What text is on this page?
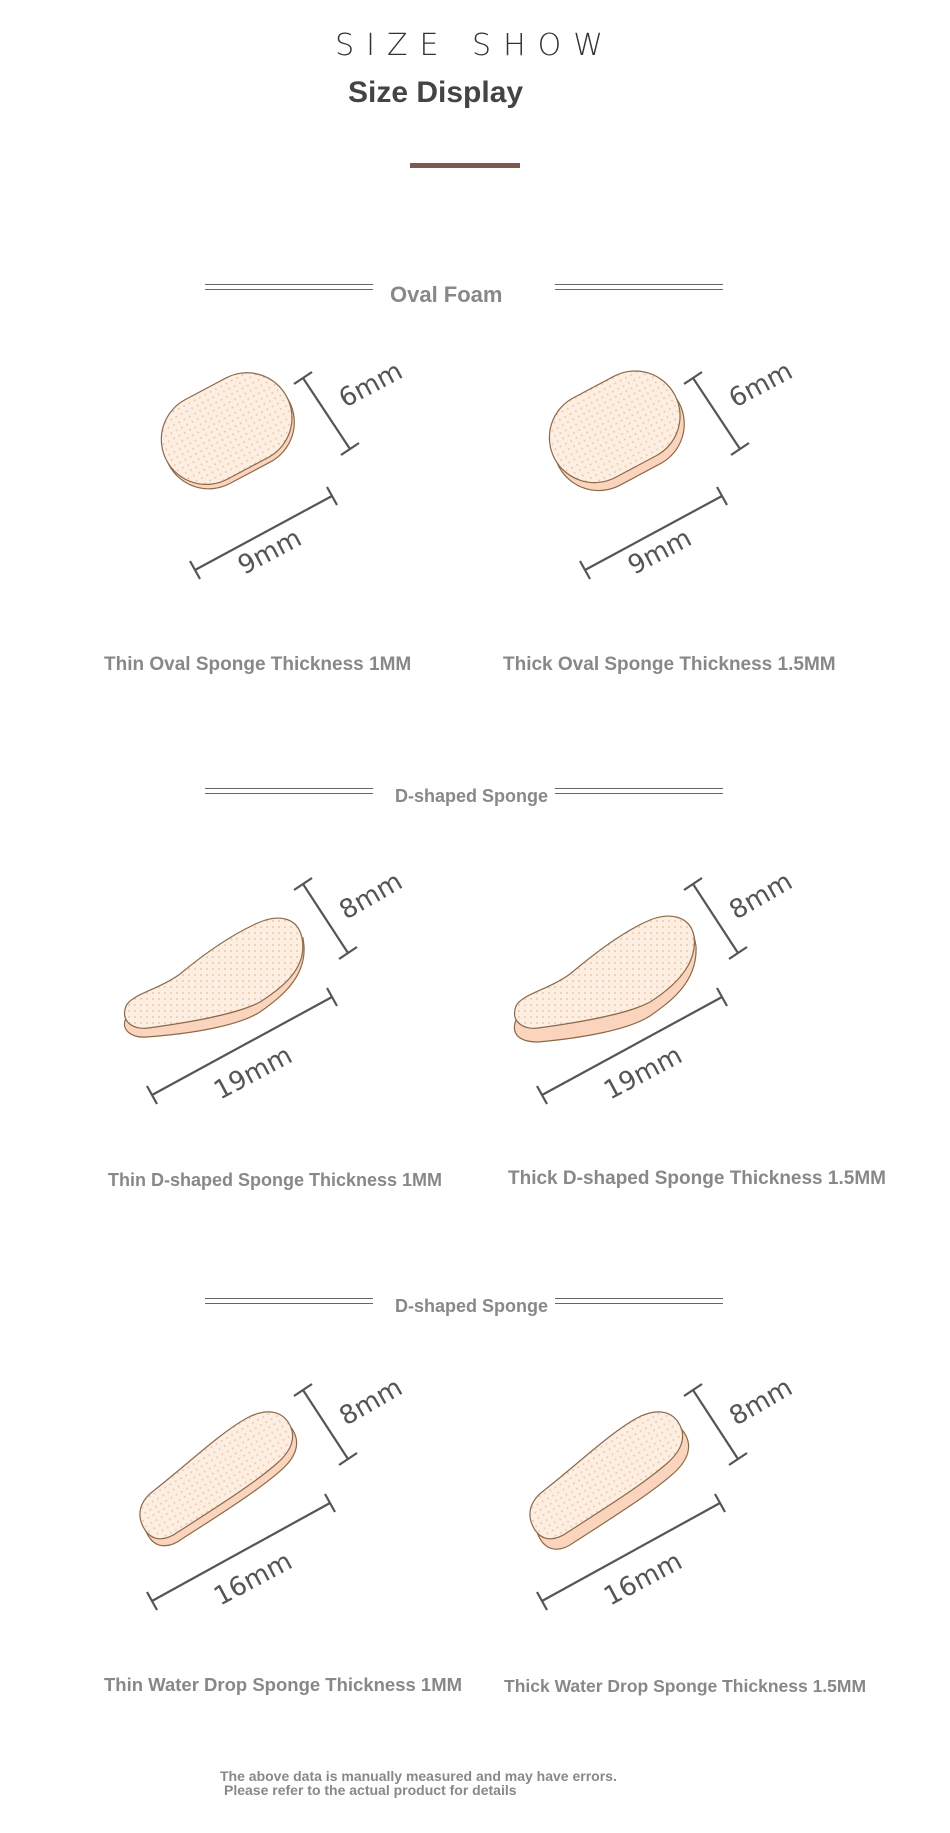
SIZE SHOW
Size Display
Oval Foam
6mm
9mm
6mm
9mm
Thin Oval Sponge Thickness 1MM	Thick Oval Sponge Thickness 1.5MM
D-shaped Sponge
8mm
19mm
8mm
19mm
Thin D-shaped Sponge Thickness 1MM	Thick D-shaped Sponge Thickness 1.5MM
D-shaped Sponge
8mm
16mm
8mm
16mm
Thin Water Drop Sponge Thickness 1MM Thick Water Drop Sponge Thickness 1.5MM
The above data is manually measured and may have errors.
Please refer to the actual product for details
